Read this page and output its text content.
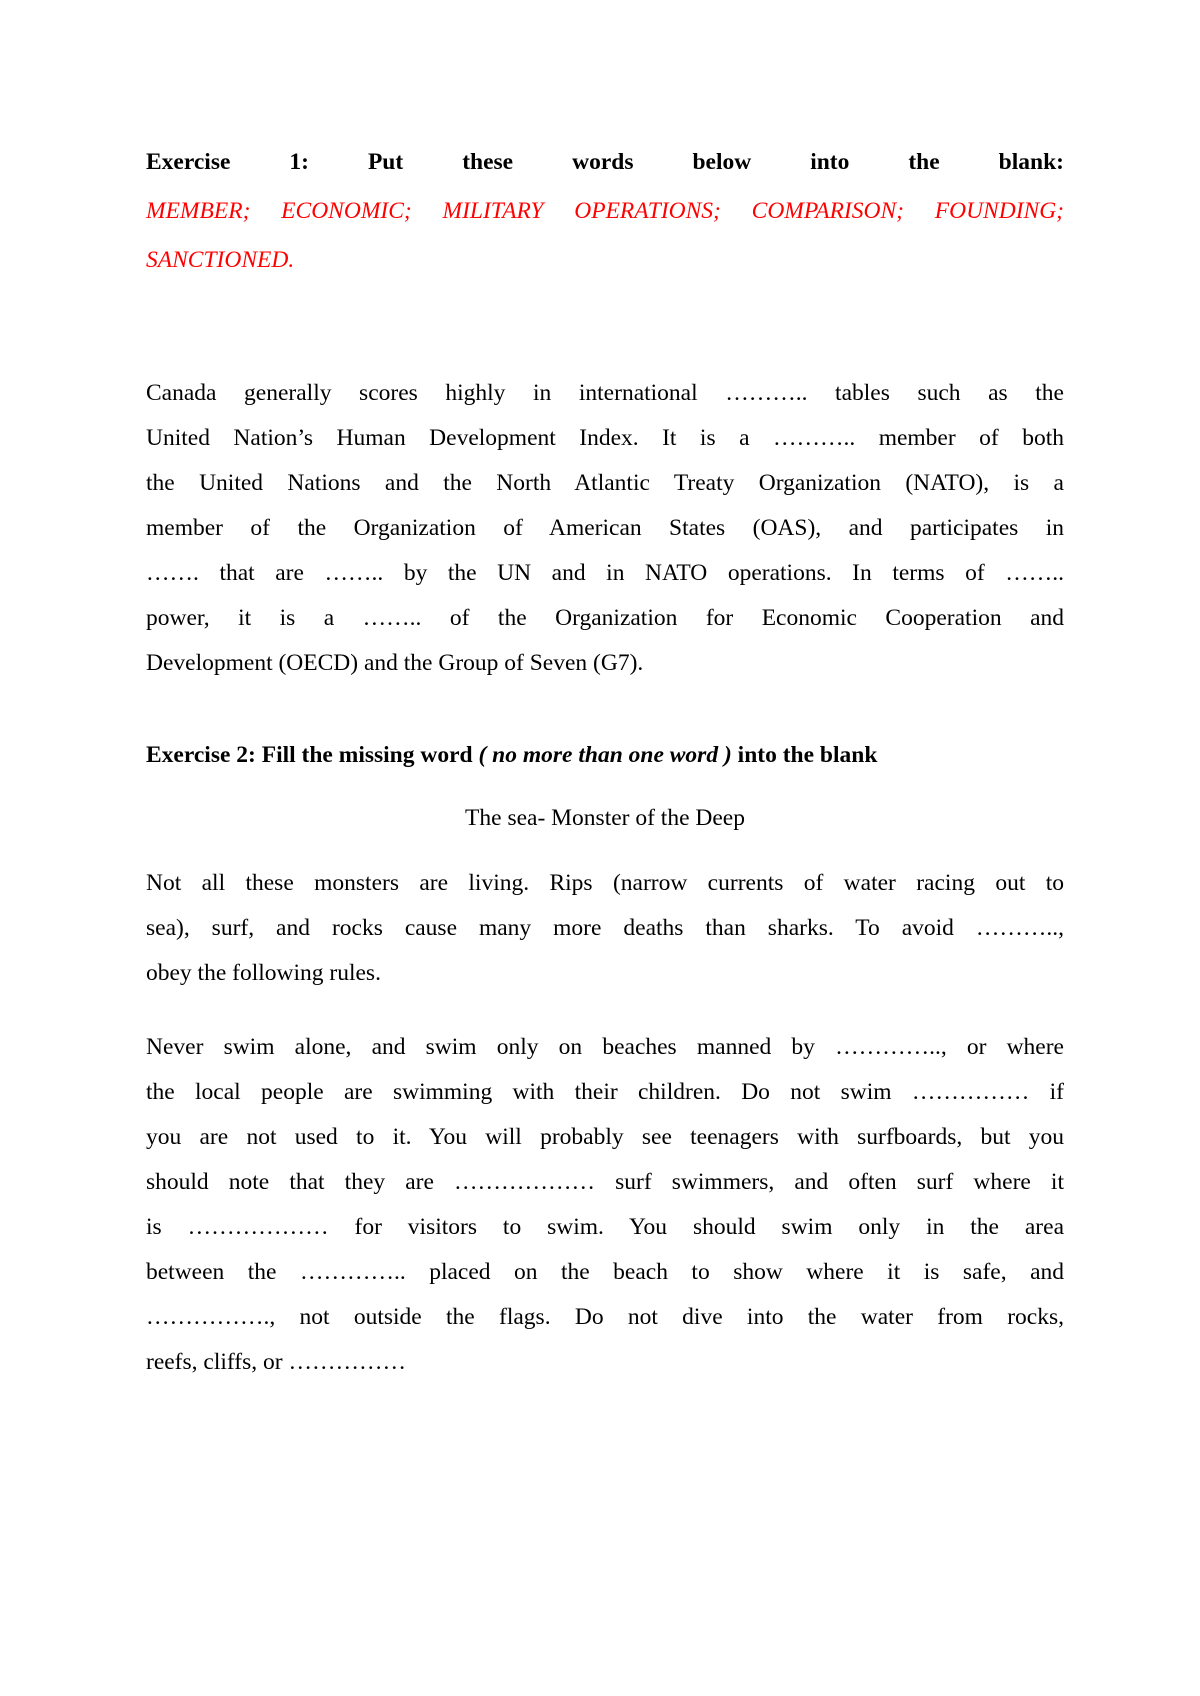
Exercise 1: Put these words below into the blank:
MEMBER; ECONOMIC; MILITARY OPERATIONS; COMPARISON; FOUNDING;
SANCTIONED.
Canada generally scores highly in international ……….. tables such as the
United Nation’s Human Development Index. It is a ……….. member of both
the United Nations and the North Atlantic Treaty Organization (NATO), is a
member of the Organization of American States (OAS), and participates in
……. that are …….. by the UN and in NATO operations. In terms of ……..
power, it is a …….. of the Organization for Economic Cooperation and
Development (OECD) and the Group of Seven (G7).
Exercise 2: Fill the missing word ( no more than one word ) into the blank
The sea- Monster of the Deep
Not all these monsters are living. Rips (narrow currents of water racing out to
sea), surf, and rocks cause many more deaths than sharks. To avoid ………..,
obey the following rules.
Never swim alone, and swim only on beaches manned by ………….., or where
the local people are swimming with their children. Do not swim …………… if
you are not used to it. You will probably see teenagers with surfboards, but you
should note that they are ……………… surf swimmers, and often surf where it
is ……………… for visitors to swim. You should swim only in the area
between the ………….. placed on the beach to show where it is safe, and
……………., not outside the flags. Do not dive into the water from rocks,
reefs, cliffs, or ……………
